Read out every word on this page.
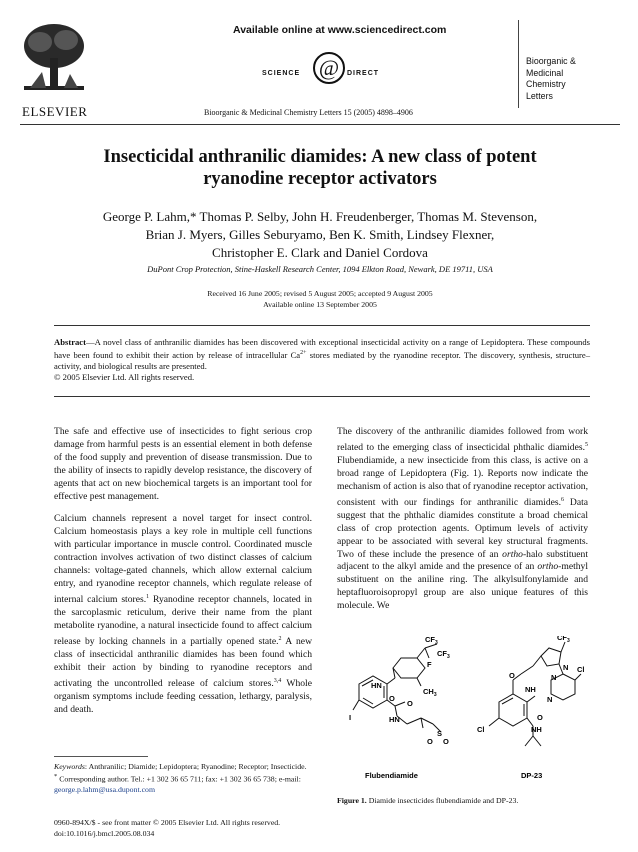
ELSEVIER
Available online at www.sciencedirect.com
SCIENCE @	DIRECT
Bioorganic & Medicinal Chemistry Letters 15 (2005) 4898–4906
Bioorganic &
Medicinal
Chemistry
Letters
Insecticidal anthranilic diamides: A new class of potent
ryanodine receptor activators
George P. Lahm,* Thomas P. Selby, John H. Freudenberger, Thomas M. Stevenson,
Brian J. Myers, Gilles Seburyamo, Ben K. Smith, Lindsey Flexner,
Christopher E. Clark and Daniel Cordova
DuPont Crop Protection, Stine-Haskell Research Center, 1094 Elkton Road, Newark, DE 19711, USA
Received 16 June 2005; revised 5 August 2005; accepted 9 August 2005
Available online 13 September 2005
Abstract—A novel class of anthranilic diamides has been discovered with exceptional insecticidal activity on a range of Lepidoptera. These compounds have been found to exhibit their action by release of intracellular $Ca^{2+}$ stores mediated by the ryanodine receptor. The discovery, synthesis, structure–activity, and biological results are presented.
© 2005 Elsevier Ltd. All rights reserved.

The safe and effective use of insecticides to fight serious crop damage from harmful pests is an essential element in both defense of the food supply and prevention of disease transmission. Due to the ability of insects to rapidly develop resistance, the discovery of agents that act on new biochemical targets is an important tool for effective pest management.

Calcium channels represent a novel target for insect control. Calcium homeostasis plays a key role in multiple cell functions with particular importance in muscle control. Coordinated muscle contraction involves activation of two distinct classes of calcium channels: voltage-gated channels, which allow external calcium entry, and ryanodine receptor channels, which regulate release of internal calcium stores.$^1$ Ryanodine receptor channels, located in the sarcoplasmic reticulum, derive their name from the plant metabolite ryanodine, a natural insecticide found to affect calcium release by locking channels in a partially opened state.$^2$ A new class of insecticidal anthranilic diamides has been found which exhibit their action by binding to ryanodine receptors and activating the uncontrolled release of calcium stores.$^{3,4}$ Whole organism symptoms include feeding cessation, lethargy, paralysis, and death.

Keywords: Anthranilic; Diamide; Lepidoptera; Ryanodine; Receptor; Insecticide.
* Corresponding author. Tel.: +1 302 36 65 711; fax: +1 302 36 65 738; e-mail: george.p.lahm@usa.dupont.com
0960-894X/$ - see front matter © 2005 Elsevier Ltd. All rights reserved.
doi:10.1016/j.bmcl.2005.08.034

The discovery of the anthranilic diamides followed from work related to the emerging class of insecticidal phthalic diamides.$^5$ Flubendiamide, a new insecticide from this class, is active on a broad range of Lepidoptera (Fig. 1). Reports now indicate the mechanism of action is also that of ryanodine receptor activation, consistent with our findings for anthranilic diamides.$^6$ Data suggest that the phthalic diamides constitute a broad chemical class of crop protection agents. Optimum levels of activity appear to be associated with several key structural fragments. Two of these include the presence of an ortho-halo substituent adjacent to the alkyl amide and the presence of an ortho-methyl substituent on the aniline ring. The alkylsulfonylamide and heptafluoroisopropyl group are also unique features of this molecule. We

$CF_3$
$CF_3$
F
HN
O
$CH_3$
O
I	HN
S
O O
$CF_3$
O
N
N
Cl
NH
N
O
Cl	NH
Flubendiamide	DP-23
Figure 1. Diamide insecticides flubendiamide and DP-23.
